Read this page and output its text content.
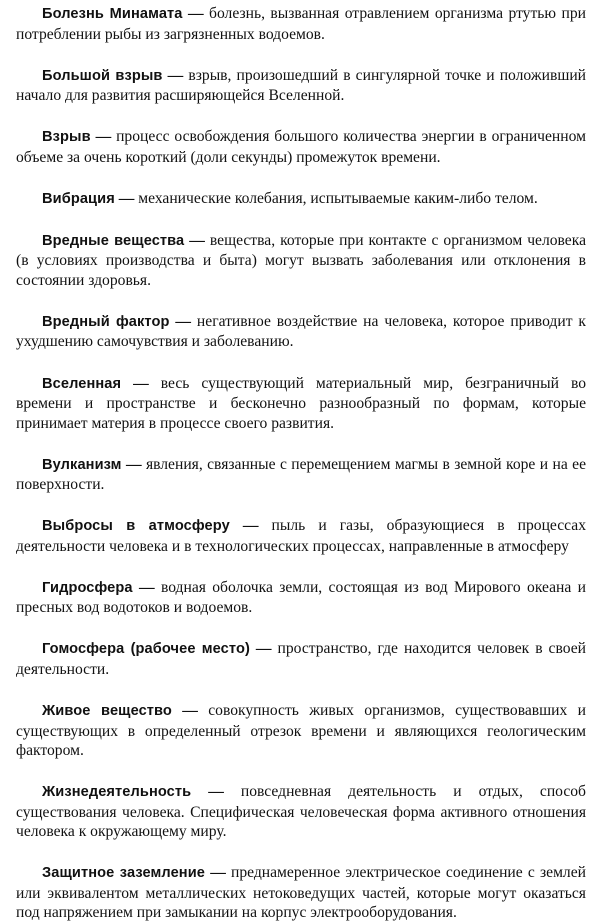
Болезнь Минамата — болезнь, вызванная отравлением организма ртутью при потреблении рыбы из загрязненных водоемов.

Большой взрыв — взрыв, произошедший в сингулярной точке и положивший начало для развития расширяющейся Вселенной.

Взрыв — процесс освобождения большого количества энергии в ограниченном объеме за очень короткий (доли секунды) промежуток времени.

Вибрация — механические колебания, испытываемые каким-либо телом.

Вредные вещества — вещества, которые при контакте с организмом человека (в условиях производства и быта) могут вызвать заболевания или отклонения в состоянии здоровья.

Вредный фактор — негативное воздействие на человека, которое приводит к ухудшению самочувствия и заболеванию.

Вселенная — весь существующий материальный мир, безграничный во времени и пространстве и бесконечно разнообразный по формам, которые принимает материя в процессе своего развития.

Вулканизм — явления, связанные с перемещением магмы в земной коре и на ее поверхности.

Выбросы в атмосферу — пыль и газы, образующиеся в процессах деятельности человека и в технологических процессах, направленные в атмосферу

Гидросфера — водная оболочка земли, состоящая из вод Мирового океана и пресных вод водотоков и водоемов.

Гомосфера (рабочее место) — пространство, где находится человек в своей деятельности.

Живое вещество — совокупность живых организмов, существовавших и существующих в определенный отрезок времени и являющихся геологическим фактором.

Жизнедеятельность — повседневная деятельность и отдых, способ существования человека. Специфическая человеческая форма активного отношения человека к окружающему миру.

Защитное заземление — преднамеренное электрическое соединение с землей или эквивалентом металлических нетоковедущих частей, которые могут оказаться под напряжением при замыкании на корпус электрооборудования.
